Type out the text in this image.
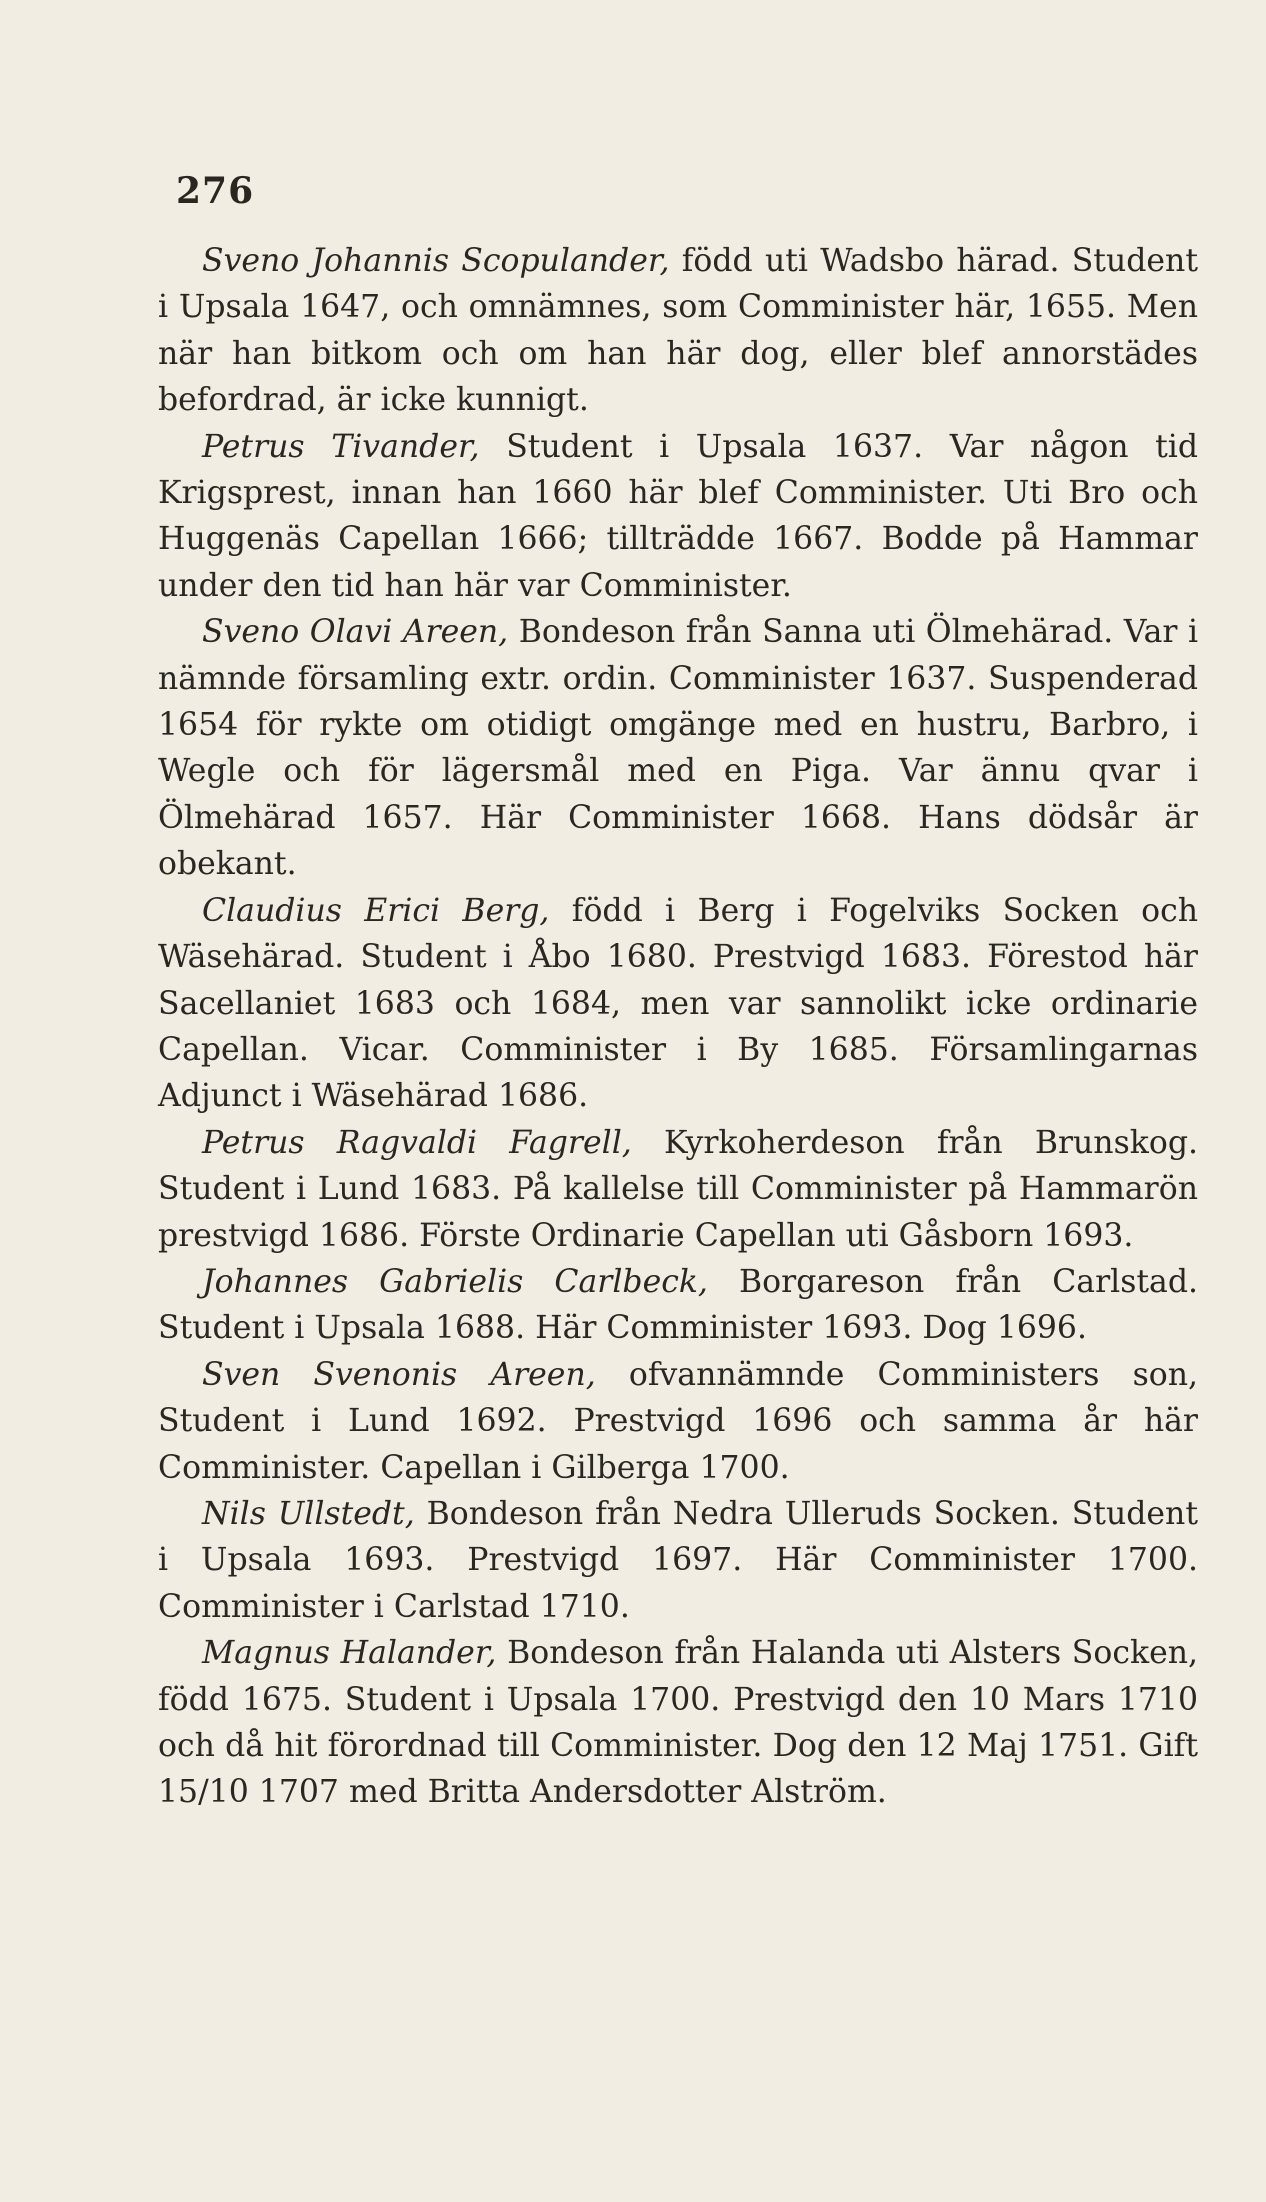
276

Sveno Johannis Scopulander, född uti Wadsbo härad. Student i Upsala 1647, och omnämnes, som Comminister här, 1655. Men när han bitkom och om han här dog, eller blef annorstädes befordrad, är icke kunnigt.

Petrus Tivander, Student i Upsala 1637. Var någon tid Krigsprest, innan han 1660 här blef Comminister. Uti Bro och Huggenäs Capellan 1666; tillträdde 1667. Bodde på Hammar under den tid han här var Comminister.

Sveno Olavi Areen, Bondeson från Sanna uti Ölmehärad. Var i nämnde församling extr. ordin. Comminister 1637. Suspenderad 1654 för rykte om otidigt omgänge med en hustru, Barbro, i Wegle och för lägersmål med en Piga. Var ännu qvar i Ölmehärad 1657. Här Comminister 1668. Hans dödsår är obekant.

Claudius Erici Berg, född i Berg i Fogelviks Socken och Wäsehärad. Student i Åbo 1680. Prestvigd 1683. Förestod här Sacellaniet 1683 och 1684, men var sannolikt icke ordinarie Capellan. Vicar. Comminister i By 1685. Församlingarnas Adjunct i Wäsehärad 1686.

Petrus Ragvaldi Fagrell, Kyrkoherdeson från Brunskog. Student i Lund 1683. På kallelse till Comminister på Hammarön prestvigd 1686. Förste Ordinarie Capellan uti Gåsborn 1693.

Johannes Gabrielis Carlbeck, Borgareson från Carlstad. Student i Upsala 1688. Här Comminister 1693. Dog 1696.

Sven Svenonis Areen, ofvannämnde Comministers son, Student i Lund 1692. Prestvigd 1696 och samma år här Comminister. Capellan i Gilberga 1700.

Nils Ullstedt, Bondeson från Nedra Ulleruds Socken. Student i Upsala 1693. Prestvigd 1697. Här Comminister 1700. Comminister i Carlstad 1710.

Magnus Halander, Bondeson från Halanda uti Alsters Socken, född 1675. Student i Upsala 1700. Prestvigd den 10 Mars 1710 och då hit förordnad till Comminister. Dog den 12 Maj 1751. Gift 15/10 1707 med Britta Andersdotter Alström.
